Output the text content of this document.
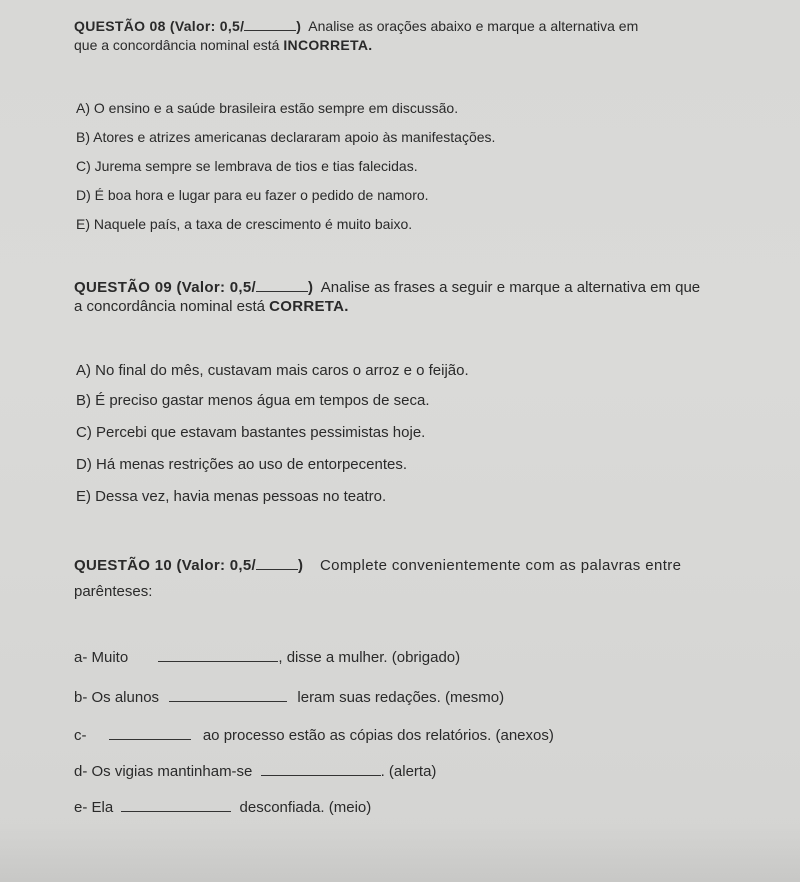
QUESTÃO 08 (Valor: 0,5/	) Analise as orações abaixo e marque a alternativa em
que a concordância nominal está INCORRETA.
A) O ensino e a saúde brasileira estão sempre em discussão.
B) Atores e atrizes americanas declararam apoio às manifestações.
C) Jurema sempre se lembrava de tios e tias falecidas.
D) É boa hora e lugar para eu fazer o pedido de namoro.
E) Naquele país, a taxa de crescimento é muito baixo.
QUESTÃO 09 (Valor: 0,5/	) Analise as frases a seguir e marque a alternativa em que
a concordância nominal está CORRETA.
A) No final do mês, custavam mais caros o arroz e o feijão.
B) É preciso gastar menos água em tempos de seca.
C) Percebi que estavam bastantes pessimistas hoje.
D) Há menas restrições ao uso de entorpecentes.
E) Dessa vez, havia menas pessoas no teatro.
QUESTÃO 10 (Valor: 0,5/	) Complete convenientemente com as palavras entre
parênteses:
a- Muito	, disse a mulher. (obrigado)
b- Os alunos	leram suas redações. (mesmo)
c-	ao processo estão as cópias dos relatórios. (anexos)
d- Os vigias mantinham-se	. (alerta)
e- Ela	desconfiada. (meio)
